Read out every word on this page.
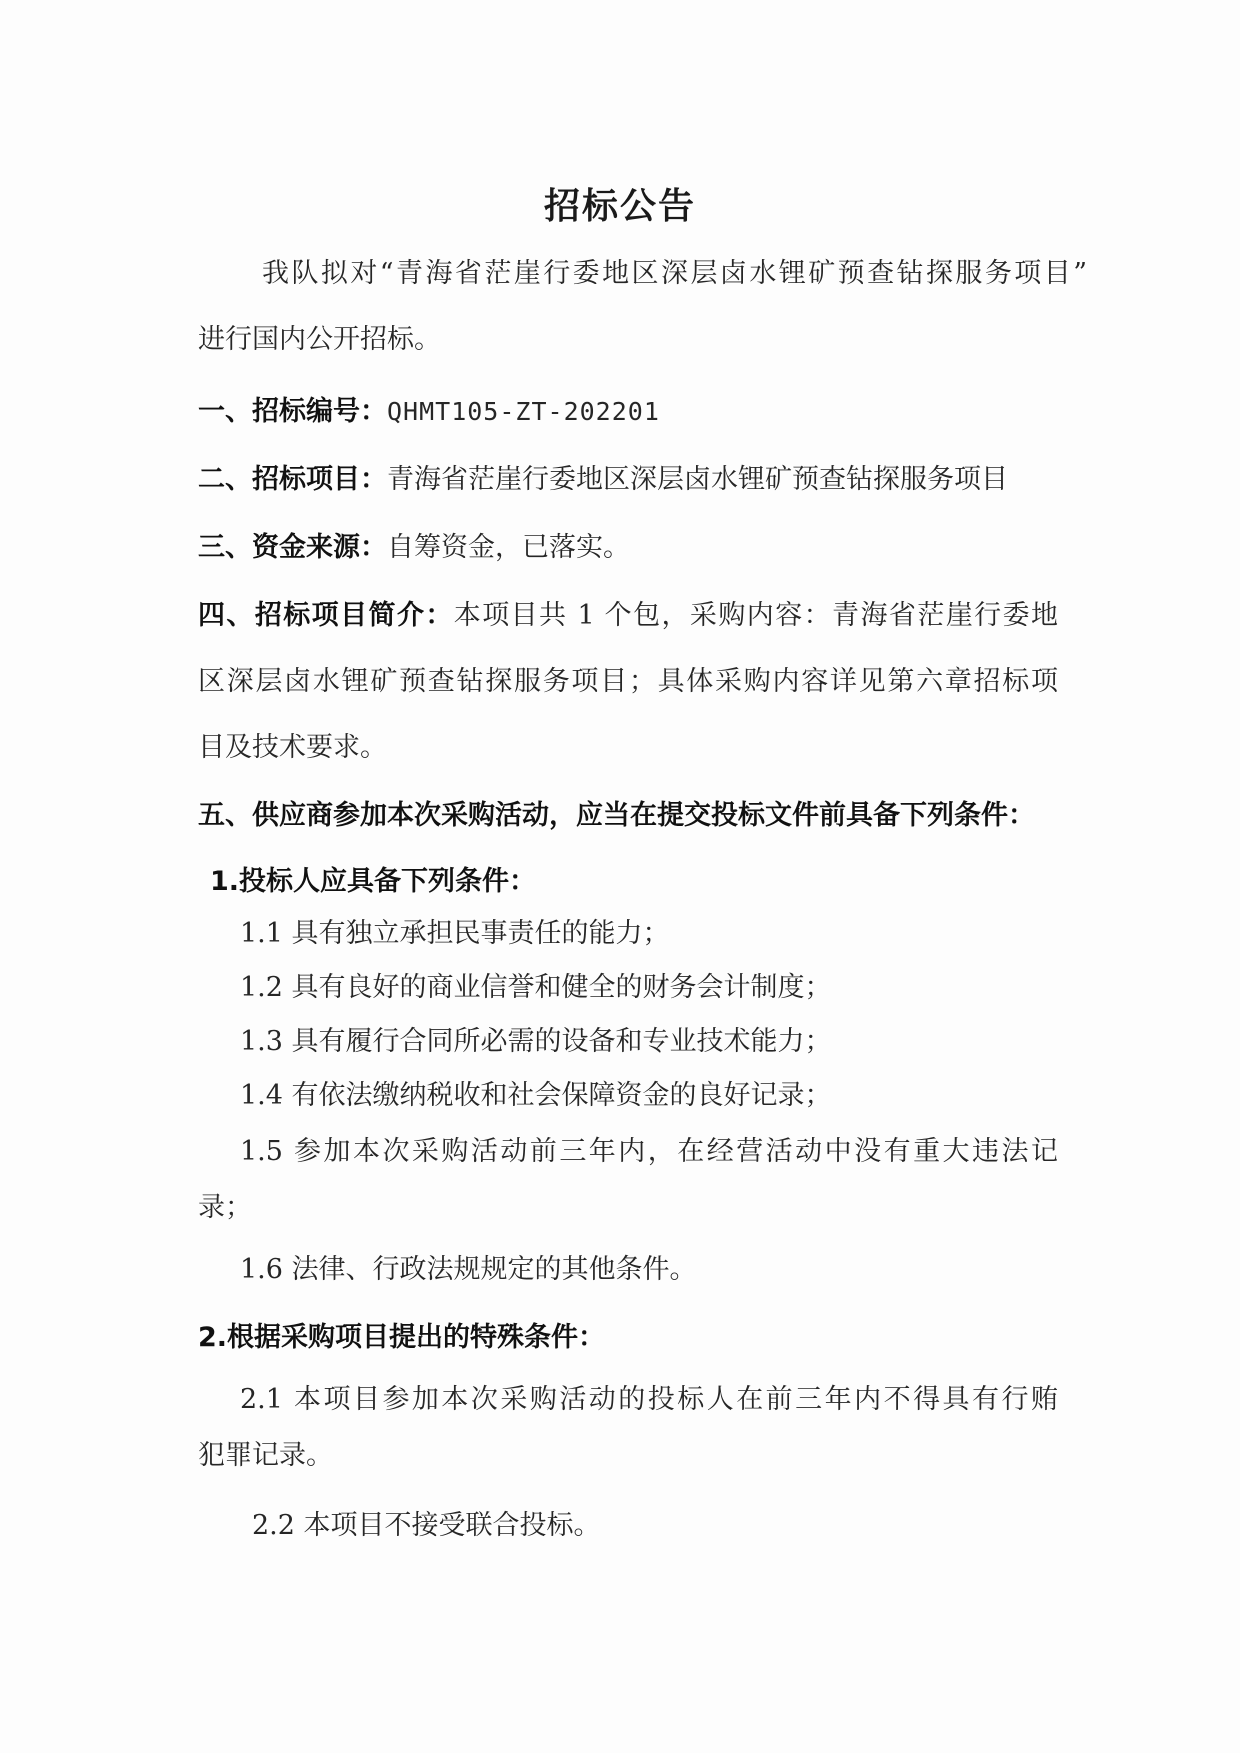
招标公告
我队拟对“青海省茫崖行委地区深层卤水锂矿预查钻探服务项目”
进行国内公开招标。
一、招标编号：QHMT105-ZT-202201
二、招标项目：青海省茫崖行委地区深层卤水锂矿预查钻探服务项目
三、资金来源：自筹资金，已落实。
四、招标项目简介：本项目共 1 个包，采购内容：青海省茫崖行委地
区深层卤水锂矿预查钻探服务项目；具体采购内容详见第六章招标项
目及技术要求。
五、供应商参加本次采购活动，应当在提交投标文件前具备下列条件：
1.投标人应具备下列条件：
1.1 具有独立承担民事责任的能力；
1.2 具有良好的商业信誉和健全的财务会计制度；
1.3 具有履行合同所必需的设备和专业技术能力；
1.4 有依法缴纳税收和社会保障资金的良好记录；
1.5 参加本次采购活动前三年内，在经营活动中没有重大违法记
录；
1.6 法律、行政法规规定的其他条件。
2.根据采购项目提出的特殊条件：
2.1 本项目参加本次采购活动的投标人在前三年内不得具有行贿
犯罪记录。
2.2 本项目不接受联合投标。
